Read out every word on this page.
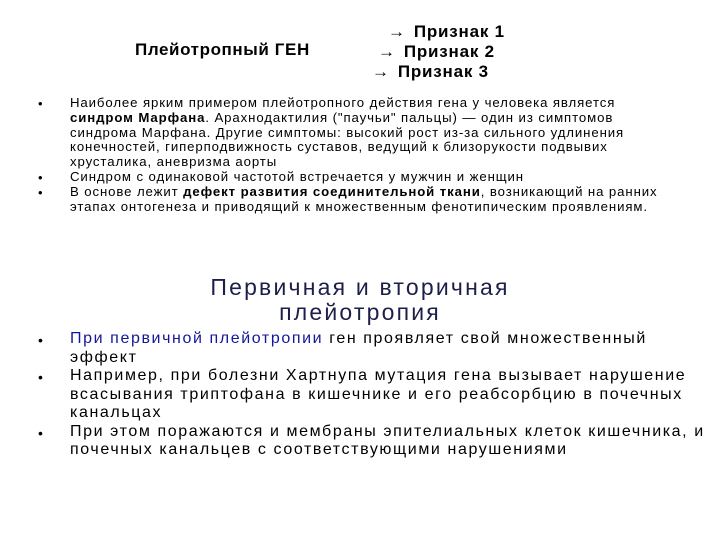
Плейотропный ГЕН
→ Признак 1
→ Признак 2
→ Признак 3
• Наиболее ярким примером плейотропного действия гена у человека является синдром Марфана. Арахнодактилия ("паучьи" пальцы) — один из симптомов синдрома Марфана. Другие симптомы: высокий рост из-за сильного удлинения конечностей, гиперподвижность суставов, ведущий к близорукости подвывих хрусталика, аневризма аорты
• Синдром с одинаковой частотой встречается у мужчин и женщин
• В основе лежит дефект развития соединительной ткани, возникающий на ранних этапах онтогенеза и приводящий к множественным фенотипическим проявлениям.
Первичная и вторичная
плейотропия
• При первичной плейотропии ген проявляет свой множественный эффект
• Например, при болезни Хартнупа мутация гена вызывает нарушение всасывания триптофана в кишечнике и его реабсорбцию в почечных канальцах
• При этом поражаются и мембраны эпителиальных клеток кишечника, и почечных канальцев с соответствующими нарушениями
